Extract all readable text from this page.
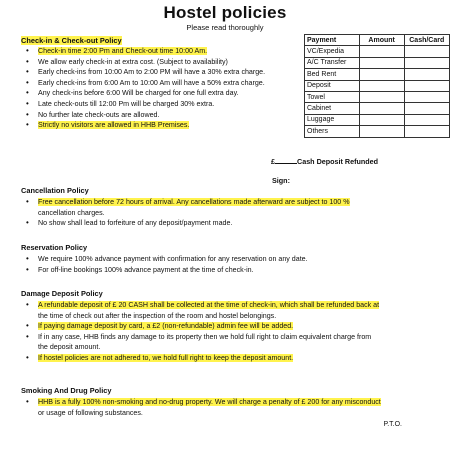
Hostel policies
Please read thoroughly
Check-in & Check-out Policy
• Check-in time 2:00 Pm and Check-out time 10:00 Am.
• We allow early check-in at extra cost. (Subject to availability)
• Early check-ins from 10:00 Am to 2:00 PM will have a 30% extra charge.
• Early check-ins from 6:00 Am to 10:00 Am will have a 50% extra charge.
• Any check-ins before 6:00 Will be charged for one full extra day.
• Late check-outs till 12:00 Pm will be charged 30% extra.
• No further late check-outs are allowed.
• Strictly no visitors are allowed in HHB Premises.
Payment	Amount	Cash/Card
VC/Expedia		
A/C Transfer		
Bed Rent		
Deposit		
Towel		
Cabinet		
Luggage		
Others		
£	Cash Deposit Refunded
Sign:
Cancellation Policy
• Free cancellation before 72 hours of arrival. Any cancellations made afterward are subject to 100 %
cancellation charges.
• No show shall lead to forfeiture of any deposit/payment made.
Reservation Policy
• We require 100% advance payment with confirmation for any reservation on any date.
• For off-line bookings 100% advance payment at the time of check-in.
Damage Deposit Policy
• A refundable deposit of £ 20 CASH shall be collected at the time of check-in, which shall be refunded back at
the time of check out after the inspection of the room and hostel belongings.
• If paying damage deposit by card, a £2 (non-refundable) admin fee will be added.
• If in any case, HHB finds any damage to its property then we hold full right to claim equivalent charge from
the deposit amount.
• If hostel policies are not adhered to, we hold full right to keep the deposit amount.
Smoking And Drug Policy
• HHB is a fully 100% non-smoking and no-drug property. We will charge a penalty of £ 200 for any misconduct
or usage of following substances.
P.T.O.
